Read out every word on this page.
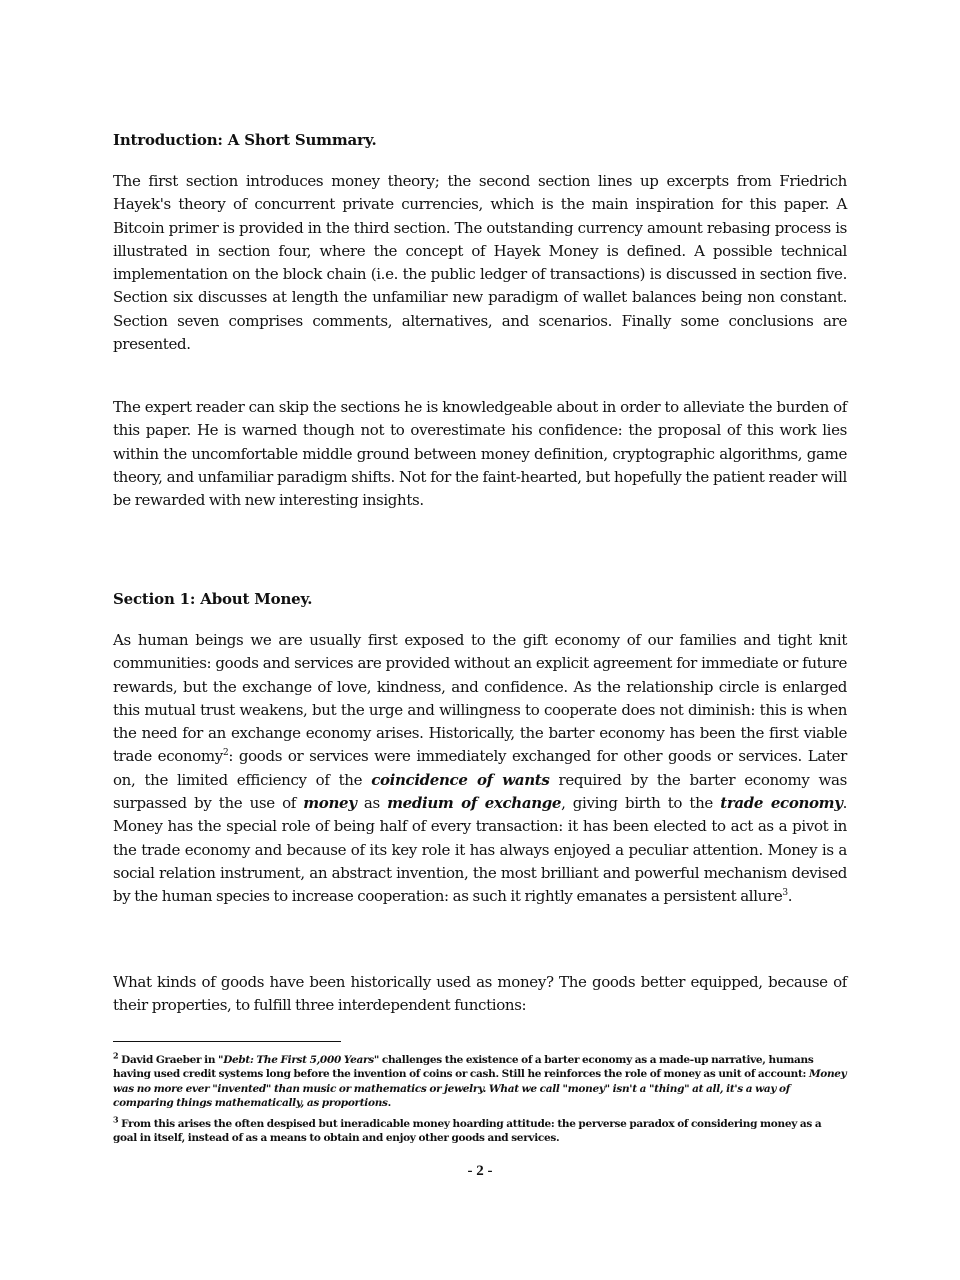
Introduction: A Short Summary.
The first section introduces money theory; the second section lines up excerpts from Friedrich Hayek's theory of concurrent private currencies, which is the main inspiration for this paper. A Bitcoin primer is provided in the third section. The outstanding currency amount rebasing process is illustrated in section four, where the concept of Hayek Money is defined. A possible technical implementation on the block chain (i.e. the public ledger of transactions) is discussed in section five. Section six discusses at length the unfamiliar new paradigm of wallet balances being non constant. Section seven comprises comments, alternatives, and scenarios. Finally some conclusions are presented.
The expert reader can skip the sections he is knowledgeable about in order to alleviate the burden of this paper. He is warned though not to overestimate his confidence: the proposal of this work lies within the uncomfortable middle ground between money definition, cryptographic algorithms, game theory, and unfamiliar paradigm shifts. Not for the faint-hearted, but hopefully the patient reader will be rewarded with new interesting insights.
Section 1: About Money.
As human beings we are usually first exposed to the gift economy of our families and tight knit communities: goods and services are provided without an explicit agreement for immediate or future rewards, but the exchange of love, kindness, and confidence. As the relationship circle is enlarged this mutual trust weakens, but the urge and willingness to cooperate does not diminish: this is when the need for an exchange economy arises. Historically, the barter economy has been the first viable trade economy$^2$: goods or services were immediately exchanged for other goods or services. Later on, the limited efficiency of the coincidence of wants required by the barter economy was surpassed by the use of money as medium of exchange, giving birth to the trade economy. Money has the special role of being half of every transaction: it has been elected to act as a pivot in the trade economy and because of its key role it has always enjoyed a peculiar attention. Money is a social relation instrument, an abstract invention, the most brilliant and powerful mechanism devised by the human species to increase cooperation: as such it rightly emanates a persistent allure$^3$.
What kinds of goods have been historically used as money? The goods better equipped, because of their properties, to fulfill three interdependent functions:
$^2$ David Graeber in "Debt: The First 5,000 Years" challenges the existence of a barter economy as a made-up narrative, humans having used credit systems long before the invention of coins or cash. Still he reinforces the role of money as unit of account: Money was no more ever "invented" than music or mathematics or jewelry. What we call "money" isn't a "thing" at all, it's a way of comparing things mathematically, as proportions.
$^3$ From this arises the often despised but ineradicable money hoarding attitude: the perverse paradox of considering money as a goal in itself, instead of as a means to obtain and enjoy other goods and services.
- 2 -
